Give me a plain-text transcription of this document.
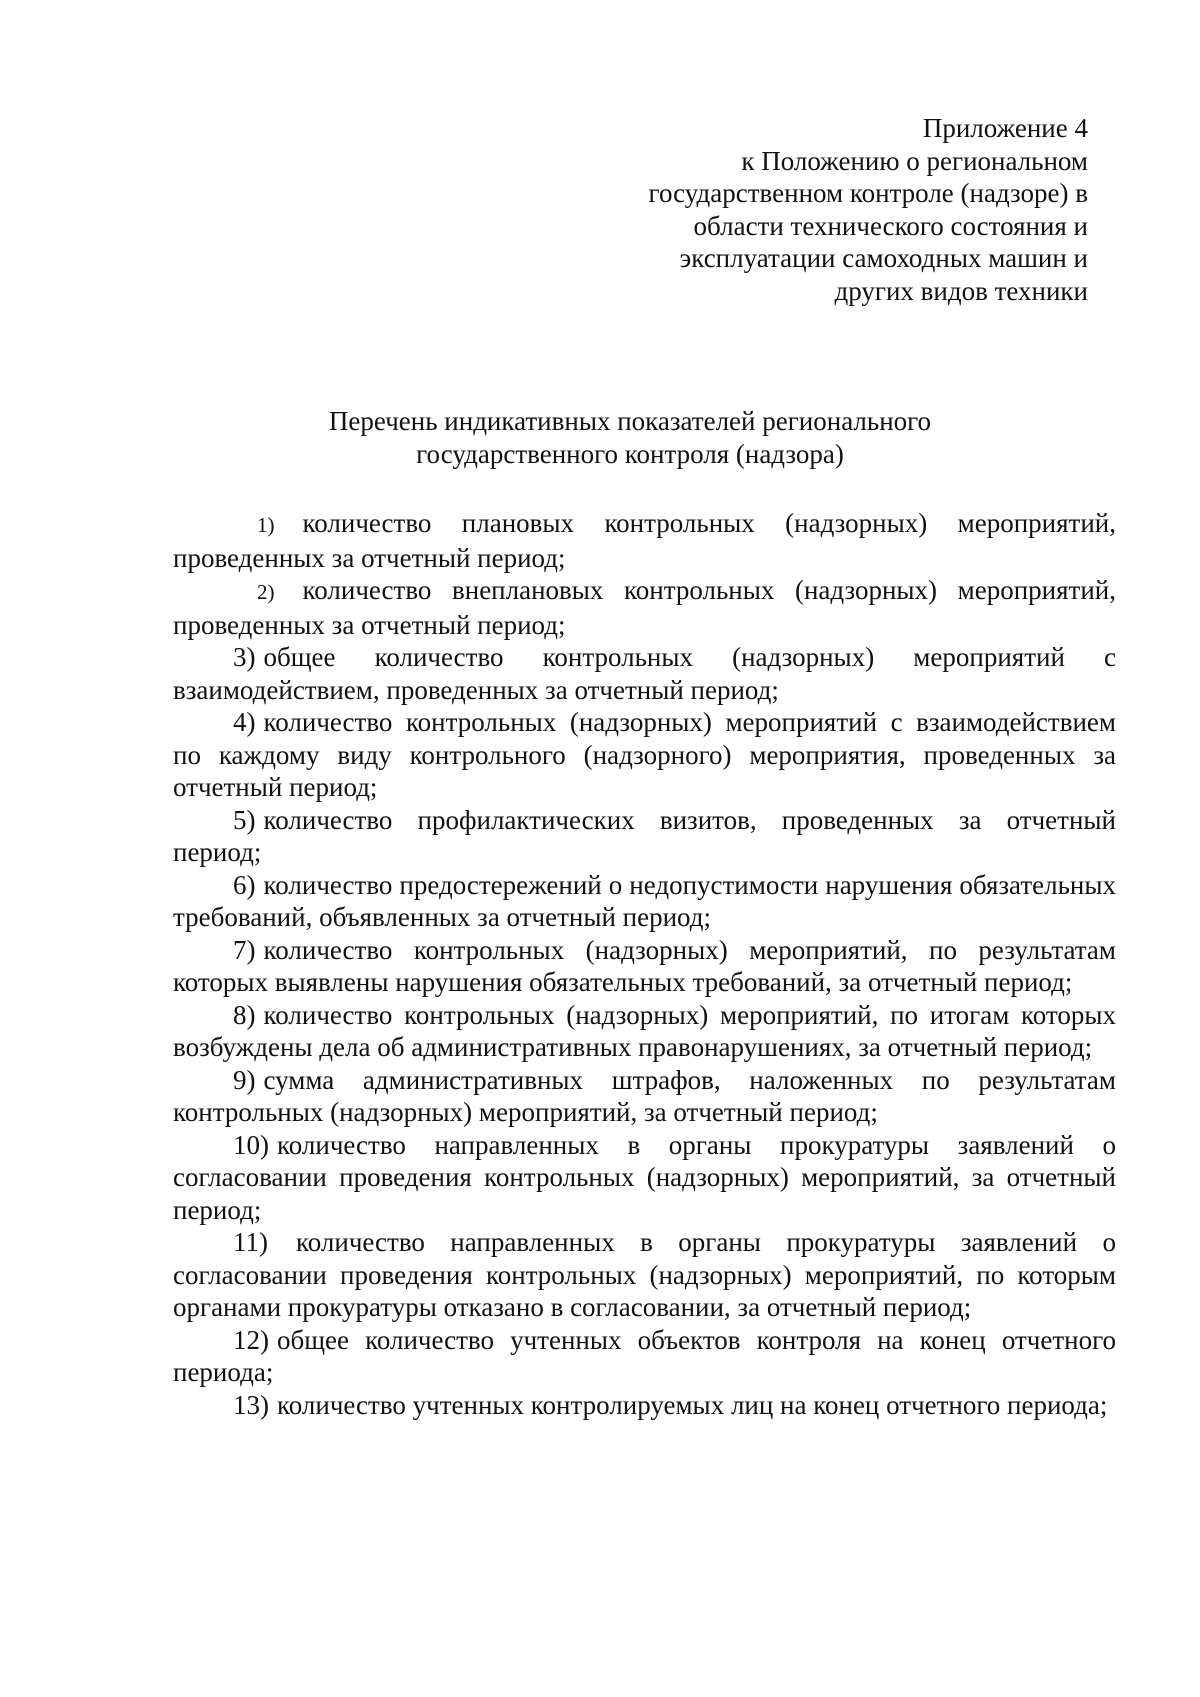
Приложение 4
к Положению о региональном
государственном контроле (надзоре) в
области технического состояния и
эксплуатации самоходных машин и
других видов техники
Перечень индикативных показателей регионального
государственного контроля (надзора)

1) количество плановых контрольных (надзорных) мероприятий, проведенных за отчетный период;

2) количество внеплановых контрольных (надзорных) мероприятий, проведенных за отчетный период;

3) общее количество контрольных (надзорных) мероприятий с взаимодействием, проведенных за отчетный период;

4) количество контрольных (надзорных) мероприятий с взаимодействием по каждому виду контрольного (надзорного) мероприятия, проведенных за отчетный период;

5) количество профилактических визитов, проведенных за отчетный период;

6) количество предостережений о недопустимости нарушения обязательных требований, объявленных за отчетный период;

7) количество контрольных (надзорных) мероприятий, по результатам которых выявлены нарушения обязательных требований, за отчетный период;

8) количество контрольных (надзорных) мероприятий, по итогам которых возбуждены дела об административных правонарушениях, за отчетный период;

9) сумма административных штрафов, наложенных по результатам контрольных (надзорных) мероприятий, за отчетный период;

10) количество направленных в органы прокуратуры заявлений о согласовании проведения контрольных (надзорных) мероприятий, за отчетный период;

11) количество направленных в органы прокуратуры заявлений о согласовании проведения контрольных (надзорных) мероприятий, по которым органами прокуратуры отказано в согласовании, за отчетный период;

12) общее количество учтенных объектов контроля на конец отчетного периода;

13) количество учтенных контролируемых лиц на конец отчетного периода;
